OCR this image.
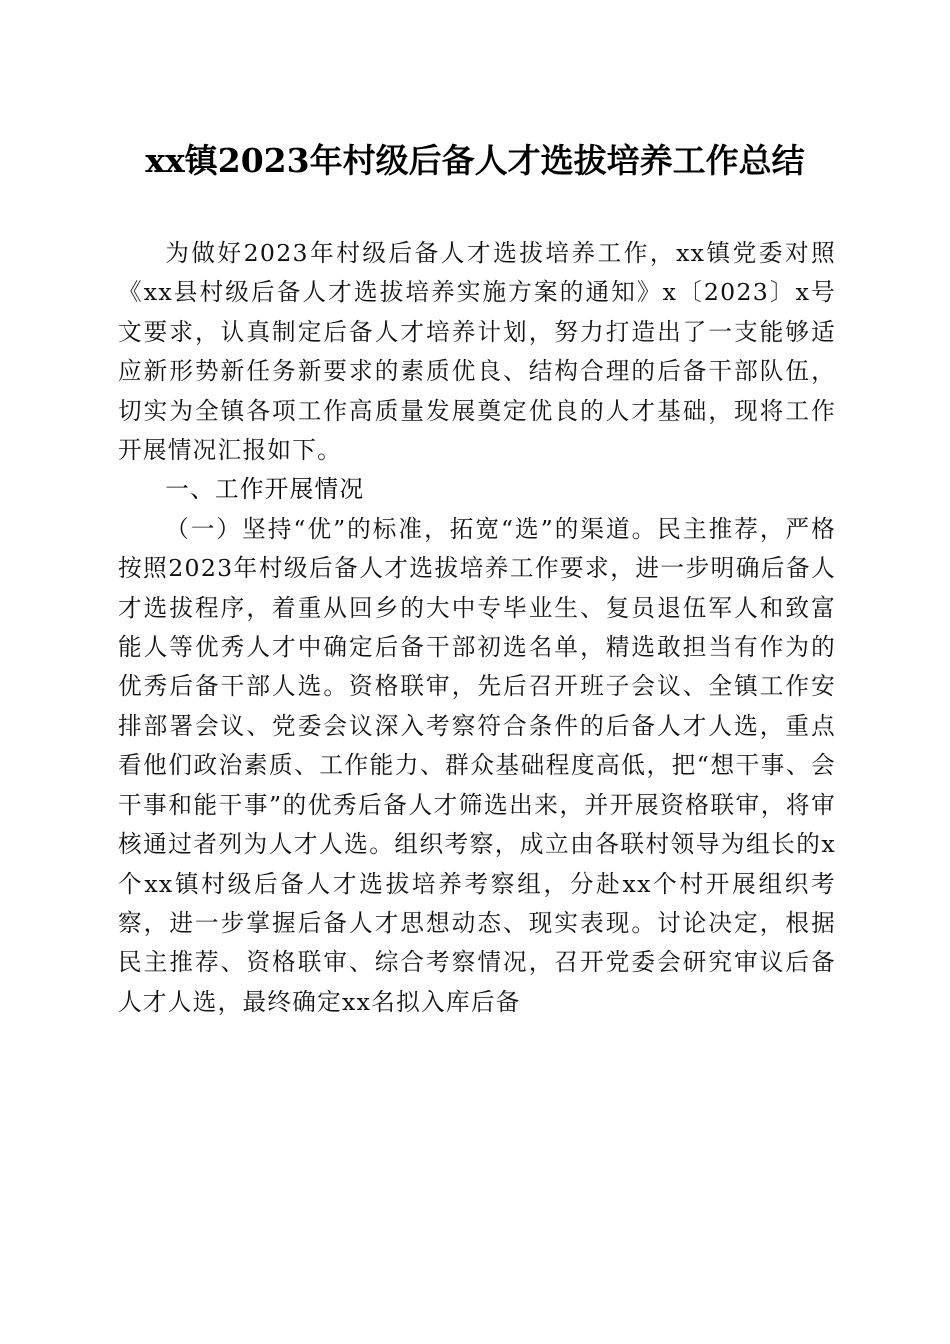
xx镇2023年村级后备人才选拔培养工作总结

为做好2023年村级后备人才选拔培养工作，xx镇党委对照《xx县村级后备人才选拔培养实施方案的通知》x〔2023〕x号文要求，认真制定后备人才培养计划，努力打造出了一支能够适应新形势新任务新要求的素质优良、结构合理的后备干部队伍，切实为全镇各项工作高质量发展奠定优良的人才基础，现将工作开展情况汇报如下。

一、工作开展情况

（一）坚持“优”的标准，拓宽“选”的渠道。民主推荐，严格按照2023年村级后备人才选拔培养工作要求，进一步明确后备人才选拔程序，着重从回乡的大中专毕业生、复员退伍军人和致富能人等优秀人才中确定后备干部初选名单，精选敢担当有作为的优秀后备干部人选。资格联审，先后召开班子会议、全镇工作安排部署会议、党委会议深入考察符合条件的后备人才人选，重点看他们政治素质、工作能力、群众基础程度高低，把“想干事、会干事和能干事”的优秀后备人才筛选出来，并开展资格联审，将审核通过者列为人才人选。组织考察，成立由各联村领导为组长的x个xx镇村级后备人才选拔培养考察组，分赴xx个村开展组织考察，进一步掌握后备人才思想动态、现实表现。讨论决定，根据民主推荐、资格联审、综合考察情况，召开党委会研究审议后备人才人选，最终确定xx名拟入库后备
